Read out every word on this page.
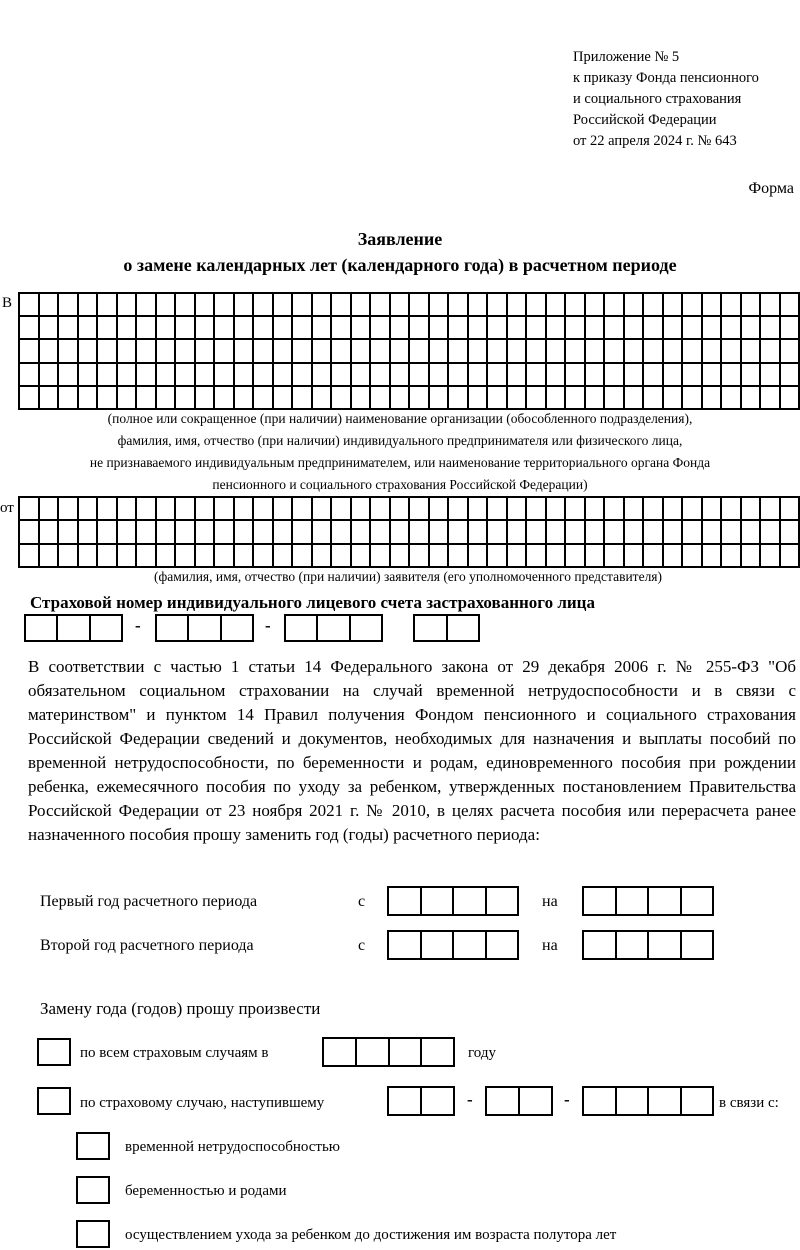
Приложение № 5
к приказу Фонда пенсионного
и социального страхования
Российской Федерации
от 22 апреля 2024 г. № 643
Форма
Заявление
о замене календарных лет (календарного года) в расчетном периоде
В
(полное или сокращенное (при наличии) наименование организации (обособленного подразделения),
фамилия, имя, отчество (при наличии) индивидуального предпринимателя или физического лица,
не признаваемого индивидуальным предпринимателем, или наименование территориального органа Фонда
пенсионного и социального страхования Российской Федерации)
от
(фамилия, имя, отчество (при наличии) заявителя (его уполномоченного представителя)
Страховой номер индивидуального лицевого счета застрахованного лица
-	-
В соответствии с частью 1 статьи 14 Федерального закона от 29 декабря 2006 г. № 255-ФЗ "Об обязательном социальном страховании на случай временной нетрудоспособности и в связи с материнством" и пунктом 14 Правил получения Фондом пенсионного и социального страхования Российской Федерации сведений и документов, необходимых для назначения и выплаты пособий по временной нетрудоспособности, по беременности и родам, единовременного пособия при рождении ребенка, ежемесячного пособия по уходу за ребенком, утвержденных постановлением Правительства Российской Федерации от 23 ноября 2021 г. № 2010, в целях расчета пособия или перерасчета ранее назначенного пособия прошу заменить год (годы) расчетного периода:
Первый год расчетного периода	с	на
Второй год расчетного периода	с	на
Замену года (годов) прошу произвести
по всем страховым случаям в	году
по страховому случаю, наступившему	-	-	в связи с:
временной нетрудоспособностью
беременностью и родами
осуществлением ухода за ребенком до достижения им возраста полутора лет
